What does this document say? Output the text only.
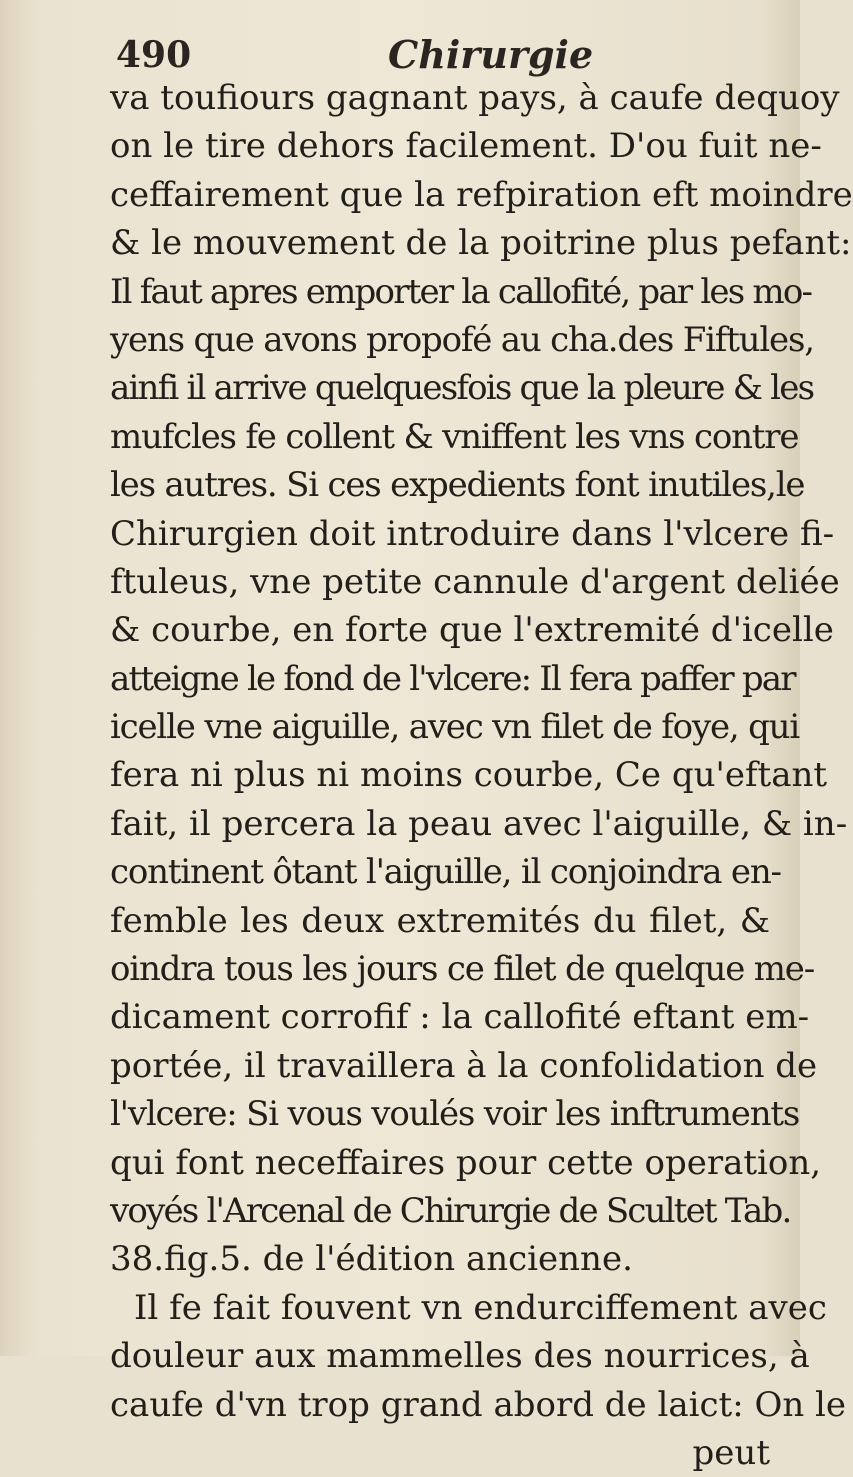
490	Chirurgie
va toufiours gagnant pays, à caufe dequoy
on le tire dehors facilement. D'ou fuit ne-
ceffairement que la refpiration eft moindre
& le mouvement de la poitrine plus pefant:
Il faut apres emporter la callofité, par les mo-
yens que avons propofé au cha.des Fiftules,
ainfi il arrive quelquesfois que la pleure & les
mufcles fe collent & vniffent les vns contre
les autres. Si ces expedients font inutiles,le
Chirurgien doit introduire dans l'vlcere fi-
ftuleus, vne petite cannule d'argent deliée
& courbe, en forte que l'extremité d'icelle
atteigne le fond de l'vlcere: Il fera paffer par
icelle vne aiguille, avec vn filet de foye, qui
fera ni plus ni moins courbe, Ce qu'eftant
fait, il percera la peau avec l'aiguille, & in-
continent ôtant l'aiguille, il conjoindra en-
femble les deux extremités du filet, &
oindra tous les jours ce filet de quelque me-
dicament corrofif : la callofité eftant em-
portée, il travaillera à la confolidation de
l'vlcere: Si vous voulés voir les inftruments
qui font neceffaires pour cette operation,
voyés l'Arcenal de Chirurgie de Scultet Tab.
38.fig.5. de l'édition ancienne.
Il fe fait fouvent vn endurciffement avec
douleur aux mammelles des nourrices, à
caufe d'vn trop grand abord de laict: On le
peut
